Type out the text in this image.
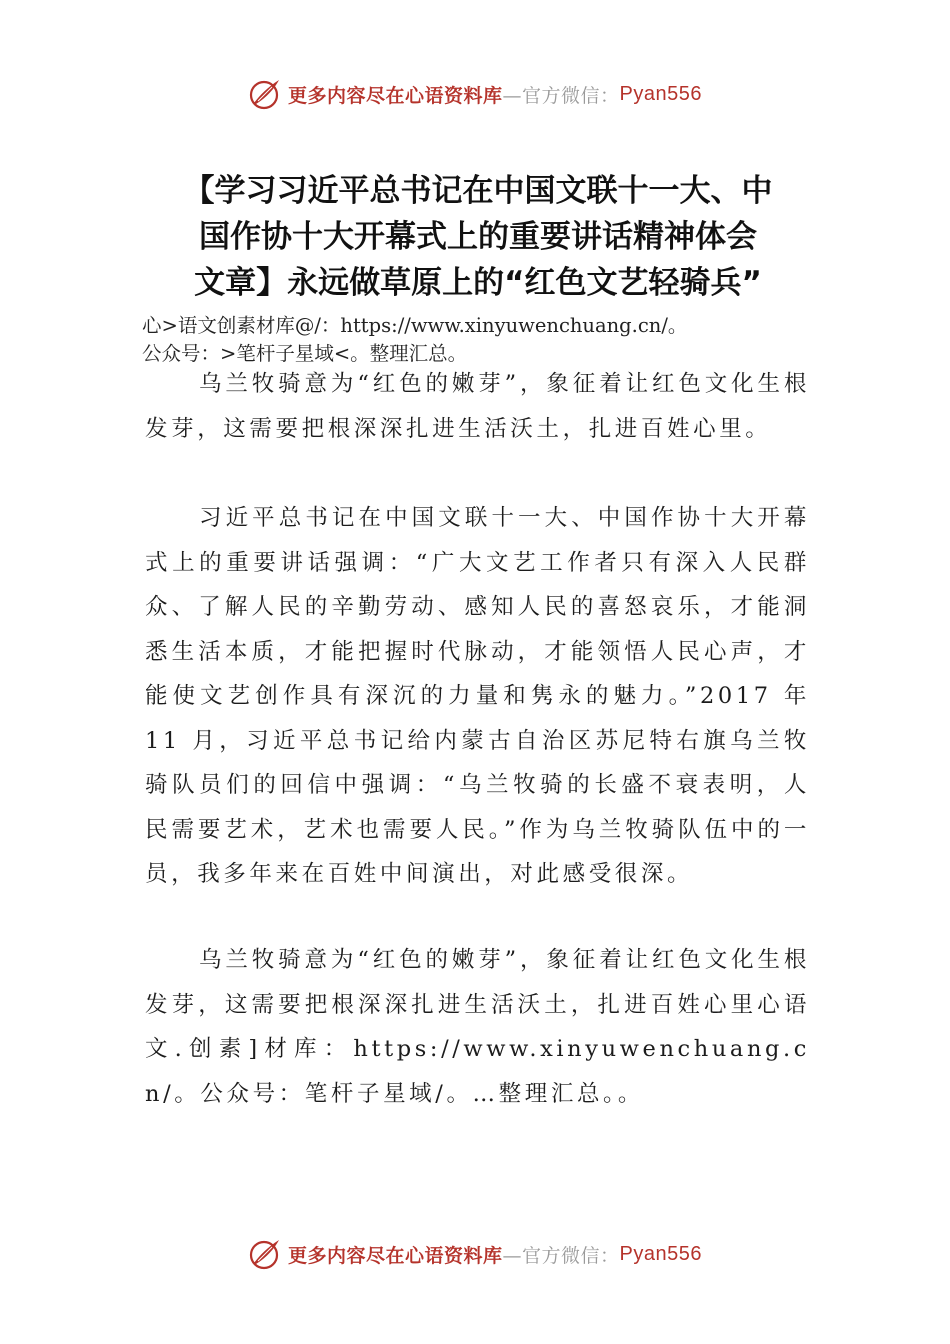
更多内容尽在心语资料库 —官方微信： Pyan556
【学习习近平总书记在中国文联十一大、中
国作协十大开幕式上的重要讲话精神体会
文章】永远做草原上的“红色文艺轻骑兵”
心>语文创素材库@/：https://www.xinyuwenchuang.cn/。
公众号：>笔杆子星域<。整理汇总。

乌兰牧骑意为“红色的嫩芽”，象征着让红色文化生根发芽，这需要把根深深扎进生活沃土，扎进百姓心里。

习近平总书记在中国文联十一大、中国作协十大开幕式上的重要讲话强调：“广大文艺工作者只有深入人民群众、了解人民的辛勤劳动、感知人民的喜怒哀乐，才能洞悉生活本质，才能把握时代脉动，才能领悟人民心声，才能使文艺创作具有深沉的力量和隽永的魅力。”2017 年 11 月，习近平总书记给内蒙古自治区苏尼特右旗乌兰牧骑队员们的回信中强调：“乌兰牧骑的长盛不衰表明，人民需要艺术，艺术也需要人民。”作为乌兰牧骑队伍中的一员，我多年来在百姓中间演出，对此感受很深。

乌兰牧骑意为“红色的嫩芽”，象征着让红色文化生根发芽，这需要把根深深扎进生活沃土，扎进百姓心里心语文.创素]材库：https://www.xinyuwenchuang.cn/。公众号：笔杆子星域/。…整理汇总。。

更多内容尽在心语资料库 —官方微信： Pyan556
